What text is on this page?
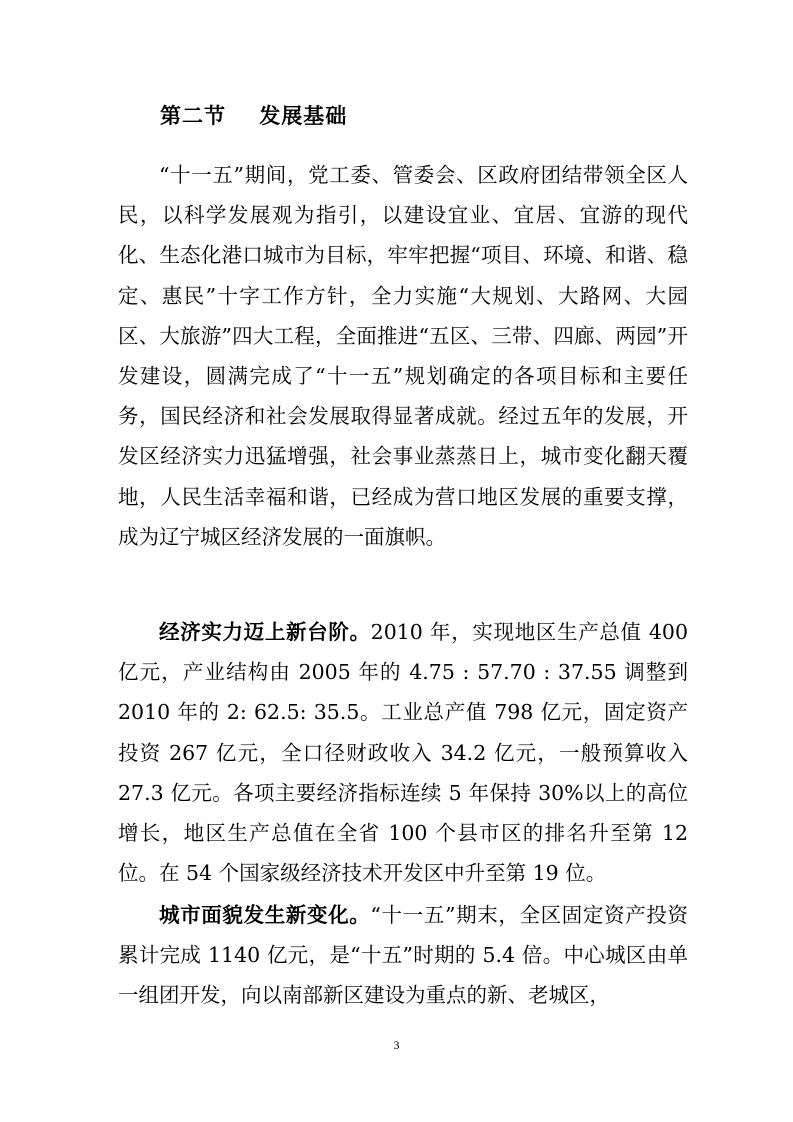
第二节    发展基础

“十一五”期间，党工委、管委会、区政府团结带领全区人民，以科学发展观为指引，以建设宜业、宜居、宜游的现代化、生态化港口城市为目标，牢牢把握“项目、环境、和谐、稳定、惠民”十字工作方针，全力实施“大规划、大路网、大园区、大旅游”四大工程，全面推进“五区、三带、四廊、两园”开发建设，圆满完成了“十一五”规划确定的各项目标和主要任务，国民经济和社会发展取得显著成就。经过五年的发展，开发区经济实力迅猛增强，社会事业蒸蒸日上，城市变化翻天覆地，人民生活幸福和谐，已经成为营口地区发展的重要支撑，成为辽宁城区经济发展的一面旗帜。

经济实力迈上新台阶。2010 年，实现地区生产总值 400 亿元，产业结构由 2005 年的 4.75 : 57.70 : 37.55 调整到 2010 年的 2: 62.5: 35.5。工业总产值 798 亿元，固定资产投资 267 亿元，全口径财政收入 34.2 亿元，一般预算收入 27.3 亿元。各项主要经济指标连续 5 年保持 30%以上的高位增长，地区生产总值在全省 100 个县市区的排名升至第 12 位。在 54 个国家级经济技术开发区中升至第 19 位。

城市面貌发生新变化。“十一五”期末，全区固定资产投资累计完成 1140 亿元，是“十五”时期的 5.4 倍。中心城区由单一组团开发，向以南部新区建设为重点的新、老城区，

3
